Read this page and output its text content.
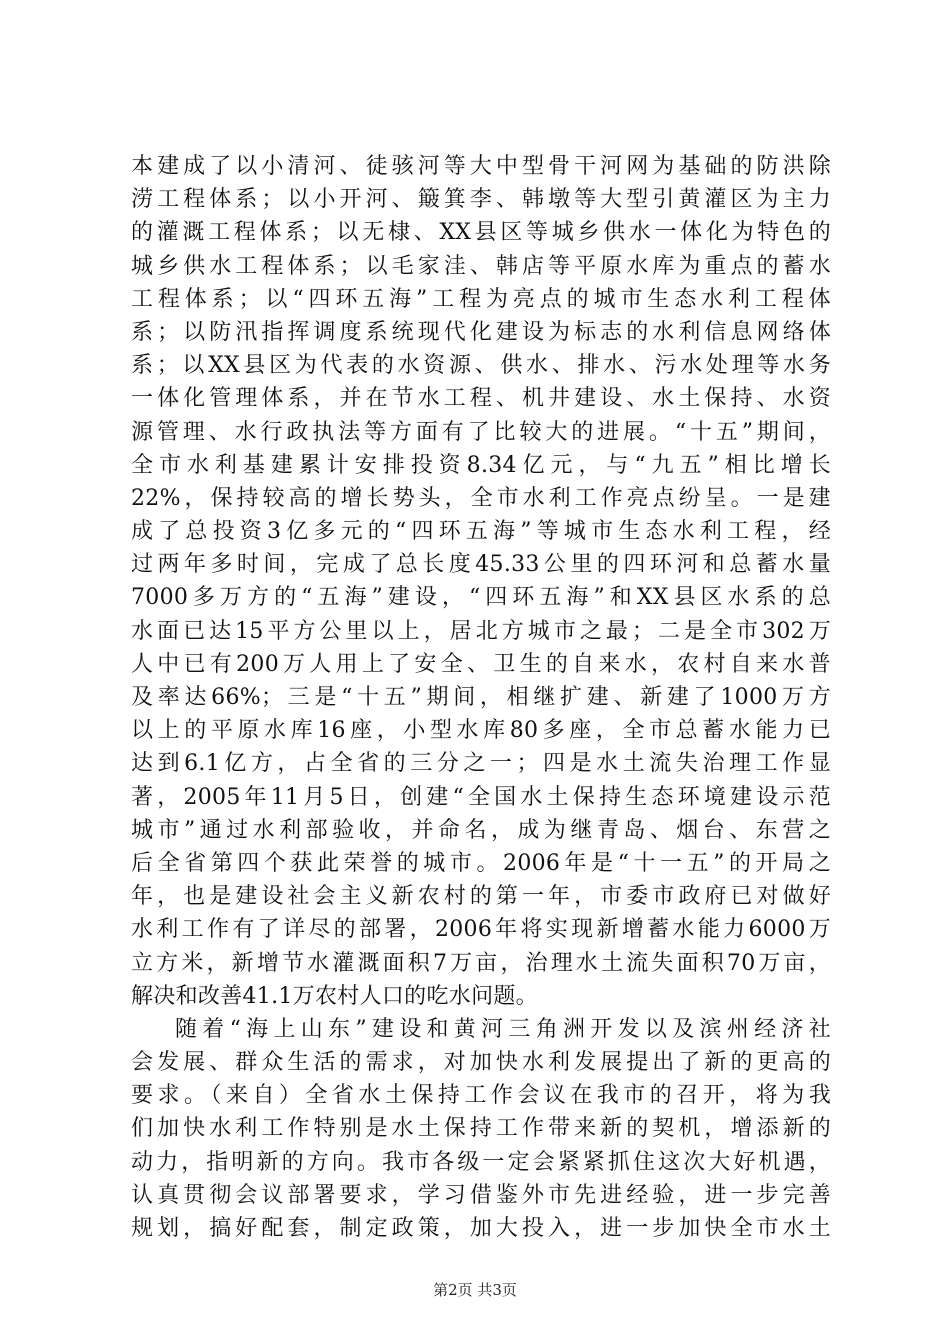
本建成了以小清河、徒骇河等大中型骨干河网为基础的防洪除
涝工程体系；以小开河、簸箕李、韩墩等大型引黄灌区为主力
的灌溉工程体系；以无棣、XX县区等城乡供水一体化为特色的
城乡供水工程体系；以毛家洼、韩店等平原水库为重点的蓄水
工程体系；以“四环五海”工程为亮点的城市生态水利工程体
系；以防汛指挥调度系统现代化建设为标志的水利信息网络体
系；以XX县区为代表的水资源、供水、排水、污水处理等水务
一体化管理体系，并在节水工程、机井建设、水土保持、水资
源管理、水行政执法等方面有了比较大的进展。“十五”期间，
全市水利基建累计安排投资8.34亿元，与“九五”相比增长
22%，保持较高的增长势头，全市水利工作亮点纷呈。一是建
成了总投资3亿多元的“四环五海”等城市生态水利工程，经
过两年多时间，完成了总长度45.33公里的四环河和总蓄水量
7000多万方的“五海”建设，“四环五海”和XX县区水系的总
水面已达15平方公里以上，居北方城市之最；二是全市302万
人中已有200万人用上了安全、卫生的自来水，农村自来水普
及率达66%；三是“十五”期间，相继扩建、新建了1000万方
以上的平原水库16座，小型水库80多座，全市总蓄水能力已
达到6.1亿方，占全省的三分之一；四是水土流失治理工作显
著，2005年11月5日，创建“全国水土保持生态环境建设示范
城市”通过水利部验收，并命名，成为继青岛、烟台、东营之
后全省第四个获此荣誉的城市。2006年是“十一五”的开局之
年，也是建设社会主义新农村的第一年，市委市政府已对做好
水利工作有了详尽的部署，2006年将实现新增蓄水能力6000万
立方米，新增节水灌溉面积7万亩，治理水土流失面积70万亩，
解决和改善41.1万农村人口的吃水问题。
随着“海上山东”建设和黄河三角洲开发以及滨州经济社
会发展、群众生活的需求，对加快水利发展提出了新的更高的
要求。（来自）全省水土保持工作会议在我市的召开，将为我
们加快水利工作特别是水土保持工作带来新的契机，增添新的
动力，指明新的方向。我市各级一定会紧紧抓住这次大好机遇，
认真贯彻会议部署要求，学习借鉴外市先进经验，进一步完善
规划，搞好配套，制定政策，加大投入，进一步加快全市水土
第2页 共3页
